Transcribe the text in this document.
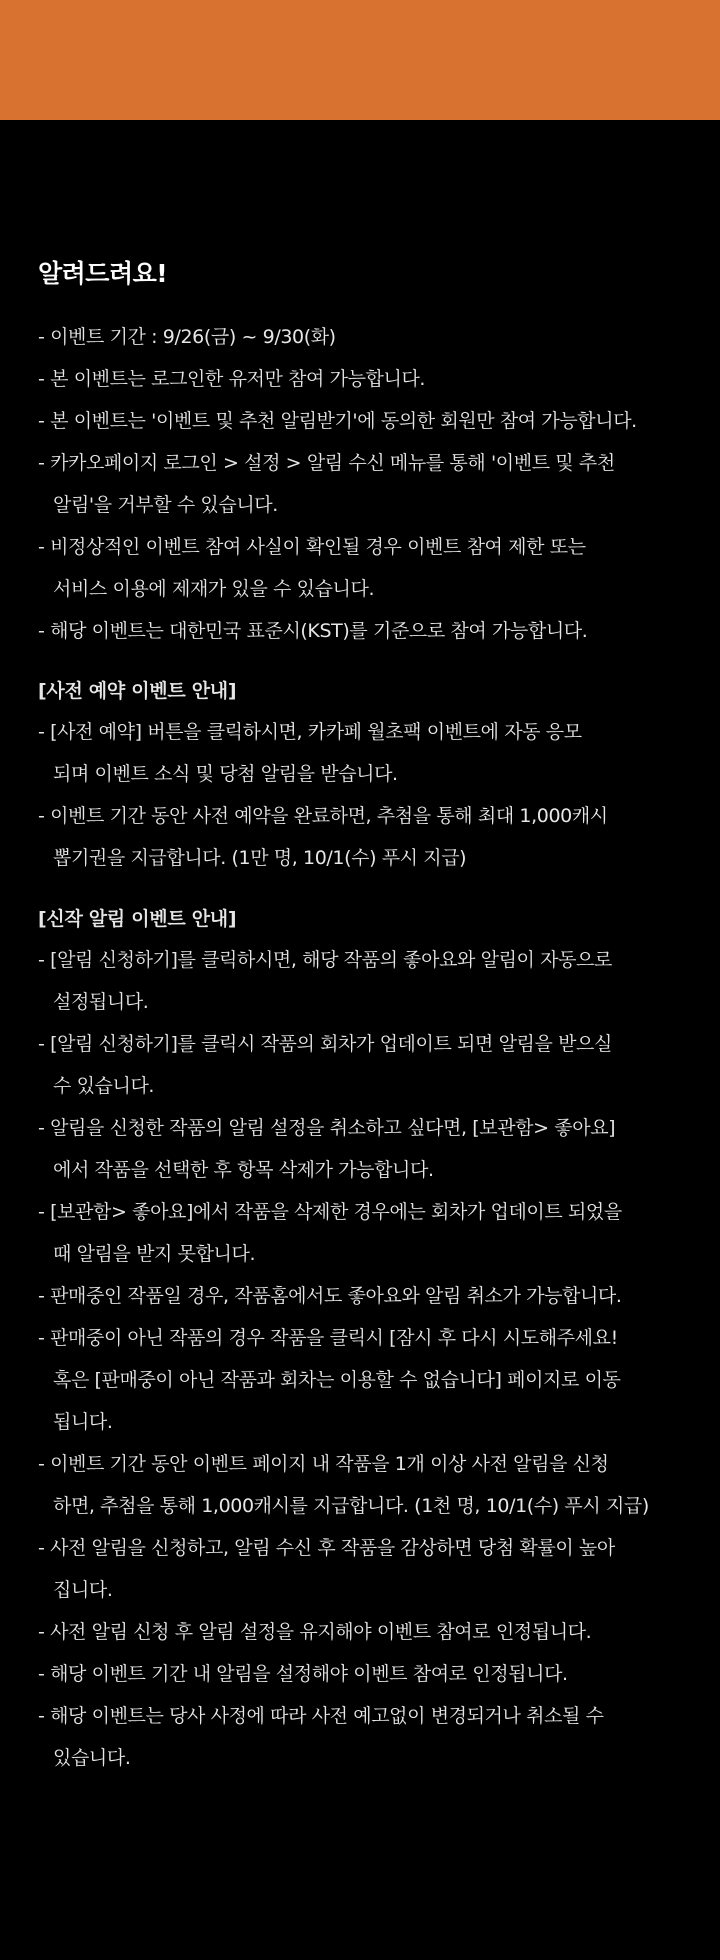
알려드려요!
- 이벤트 기간 : 9/26(금) ~ 9/30(화)
- 본 이벤트는 로그인한 유저만 참여 가능합니다.
- 본 이벤트는 '이벤트 및 추천 알림받기'에 동의한 회원만 참여 가능합니다.
- 카카오페이지 로그인 > 설정 > 알림 수신 메뉴를 통해 '이벤트 및 추천
알림'을 거부할 수 있습니다.
- 비정상적인 이벤트 참여 사실이 확인될 경우 이벤트 참여 제한 또는
서비스 이용에 제재가 있을 수 있습니다.
- 해당 이벤트는 대한민국 표준시(KST)를 기준으로 참여 가능합니다.
[사전 예약 이벤트 안내]
- [사전 예약] 버튼을 클릭하시면, 카카페 월초팩 이벤트에 자동 응모
되며 이벤트 소식 및 당첨 알림을 받습니다.
- 이벤트 기간 동안 사전 예약을 완료하면, 추첨을 통해 최대 1,000캐시
뽑기권을 지급합니다. (1만 명, 10/1(수) 푸시 지급)
[신작 알림 이벤트 안내]
- [알림 신청하기]를 클릭하시면, 해당 작품의 좋아요와 알림이 자동으로
설정됩니다.
- [알림 신청하기]를 클릭시 작품의 회차가 업데이트 되면 알림을 받으실
수 있습니다.
- 알림을 신청한 작품의 알림 설정을 취소하고 싶다면, [보관함> 좋아요]
에서 작품을 선택한 후 항목 삭제가 가능합니다.
- [보관함> 좋아요]에서 작품을 삭제한 경우에는 회차가 업데이트 되었을
때 알림을 받지 못합니다.
- 판매중인 작품일 경우, 작품홈에서도 좋아요와 알림 취소가 가능합니다.
- 판매중이 아닌 작품의 경우 작품을 클릭시 [잠시 후 다시 시도해주세요!
혹은 [판매중이 아닌 작품과 회차는 이용할 수 없습니다] 페이지로 이동
됩니다.
- 이벤트 기간 동안 이벤트 페이지 내 작품을 1개 이상 사전 알림을 신청
하면, 추첨을 통해 1,000캐시를 지급합니다. (1천 명, 10/1(수) 푸시 지급)
- 사전 알림을 신청하고, 알림 수신 후 작품을 감상하면 당첨 확률이 높아
집니다.
- 사전 알림 신청 후 알림 설정을 유지해야 이벤트 참여로 인정됩니다.
- 해당 이벤트 기간 내 알림을 설정해야 이벤트 참여로 인정됩니다.
- 해당 이벤트는 당사 사정에 따라 사전 예고없이 변경되거나 취소될 수
있습니다.
